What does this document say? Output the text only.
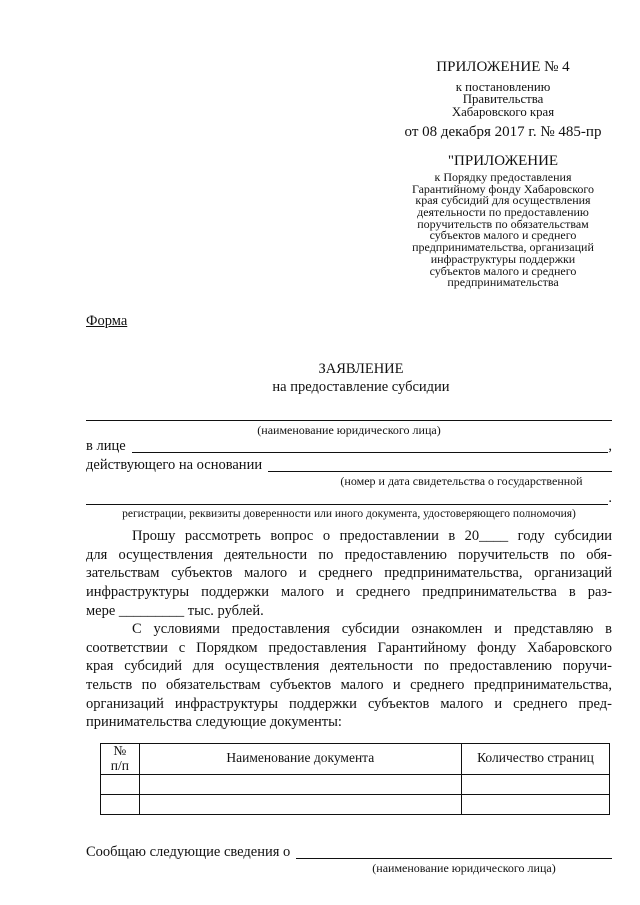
ПРИЛОЖЕНИЕ № 4
к постановлению
Правительства
Хабаровского края
от 08 декабря 2017 г. № 485-пр
"ПРИЛОЖЕНИЕ
к Порядку предоставления
Гарантийному фонду Хабаровского
края субсидий для осуществления
деятельности по предоставлению
поручительств по обязательствам
субъектов малого и среднего
предпринимательства, организаций
инфраструктуры поддержки
субъектов малого и среднего
предпринимательства
Форма
ЗАЯВЛЕНИЕ
на предоставление субсидии
(наименование юридического лица)
в лице	,
действующего на основании
(номер и дата свидетельства о государственной
.
регистрации, реквизиты доверенности или иного документа, удостоверяющего полномочия)
Прошу рассмотреть вопрос о предоставлении в 20____ году субсидии
для осуществления деятельности по предоставлению поручительств по обя-
зательствам субъектов малого и среднего предпринимательства, организаций
инфраструктуры поддержки малого и среднего предпринимательства в раз-
мере _________ тыс. рублей.
С условиями предоставления субсидии ознакомлен и представляю в
соответствии с Порядком предоставления Гарантийному фонду Хабаровского
края субсидий для осуществления деятельности по предоставлению поручи-
тельств по обязательствам субъектов малого и среднего предпринимательства,
организаций инфраструктуры поддержки субъектов малого и среднего пред-
принимательства следующие документы:
№
п/п	Наименование документа	Количество страниц

Сообщаю следующие сведения о
(наименование юридического лица)
